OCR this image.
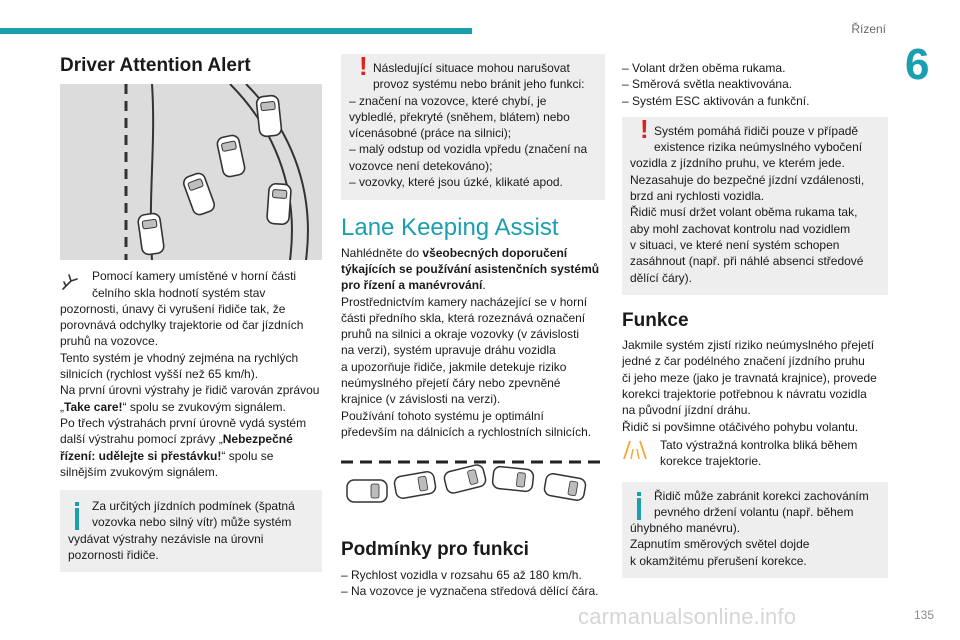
Řízení
6
135
carmanualsonline.info
Driver Attention Alert
Pomocí kamery umístěné v horní části
čelního skla hodnotí systém stav
pozornosti, únavy či vyrušení řidiče tak, že
porovnává odchylky trajektorie od čar jízdních
pruhů na vozovce.
Tento systém je vhodný zejména na rychlých
silnicích (rychlost vyšší než 65 km/h).
Na první úrovni výstrahy je řidič varován zprávou
„Take care!“ spolu se zvukovým signálem.
Po třech výstrahách první úrovně vydá systém
další výstrahu pomocí zprávy „Nebezpečné
řízení: udělejte si přestávku!“ spolu se
silnějším zvukovým signálem.
Za určitých jízdních podmínek (špatná
vozovka nebo silný vítr) může systém
vydávat výstrahy nezávisle na úrovni
pozornosti řidiče.
! Následující situace mohou narušovat
provoz systému nebo bránit jeho funkci:
– značení na vozovce, které chybí, je
vybledlé, překryté (sněhem, blátem) nebo
vícenásobné (práce na silnici);
– malý odstup od vozidla vpředu (značení na
vozovce není detekováno);
– vozovky, které jsou úzké, klikaté apod.
Lane Keeping Assist
Nahlédněte do všeobecných doporučení
týkajících se používání asistenčních systémů
pro řízení a manévrování.
Prostřednictvím kamery nacházející se v horní
části předního skla, která rozeznává označení
pruhů na silnici a okraje vozovky (v závislosti
na verzi), systém upravuje dráhu vozidla
a upozorňuje řidiče, jakmile detekuje riziko
neúmyslného přejetí čáry nebo zpevněné
krajnice (v závislosti na verzi).
Používání tohoto systému je optimální
především na dálnicích a rychlostních silnicích.
Podmínky pro funkci
– Rychlost vozidla v rozsahu 65 až 180 km/h.
– Na vozovce je vyznačena středová dělící čára.
– Volant držen oběma rukama.
– Směrová světla neaktivována.
– Systém ESC aktivován a funkční.
! Systém pomáhá řidiči pouze v případě
existence rizika neúmyslného vybočení
vozidla z jízdního pruhu, ve kterém jede.
Nezasahuje do bezpečné jízdní vzdálenosti,
brzd ani rychlosti vozidla.
Řidič musí držet volant oběma rukama tak,
aby mohl zachovat kontrolu nad vozidlem
v situaci, ve které není systém schopen
zasáhnout (např. při náhlé absenci středové
dělící čáry).
Funkce
Jakmile systém zjistí riziko neúmyslného přejetí
jedné z čar podélného značení jízdního pruhu
či jeho meze (jako je travnatá krajnice), provede
korekci trajektorie potřebnou k návratu vozidla
na původní jízdní dráhu.
Řidič si povšimne otáčivého pohybu volantu.
Tato výstražná kontrolka bliká během
korekce trajektorie.
Řidič může zabránit korekci zachováním
pevného držení volantu (např. během
úhybného manévru).
Zapnutím směrových světel dojde
k okamžitému přerušení korekce.
